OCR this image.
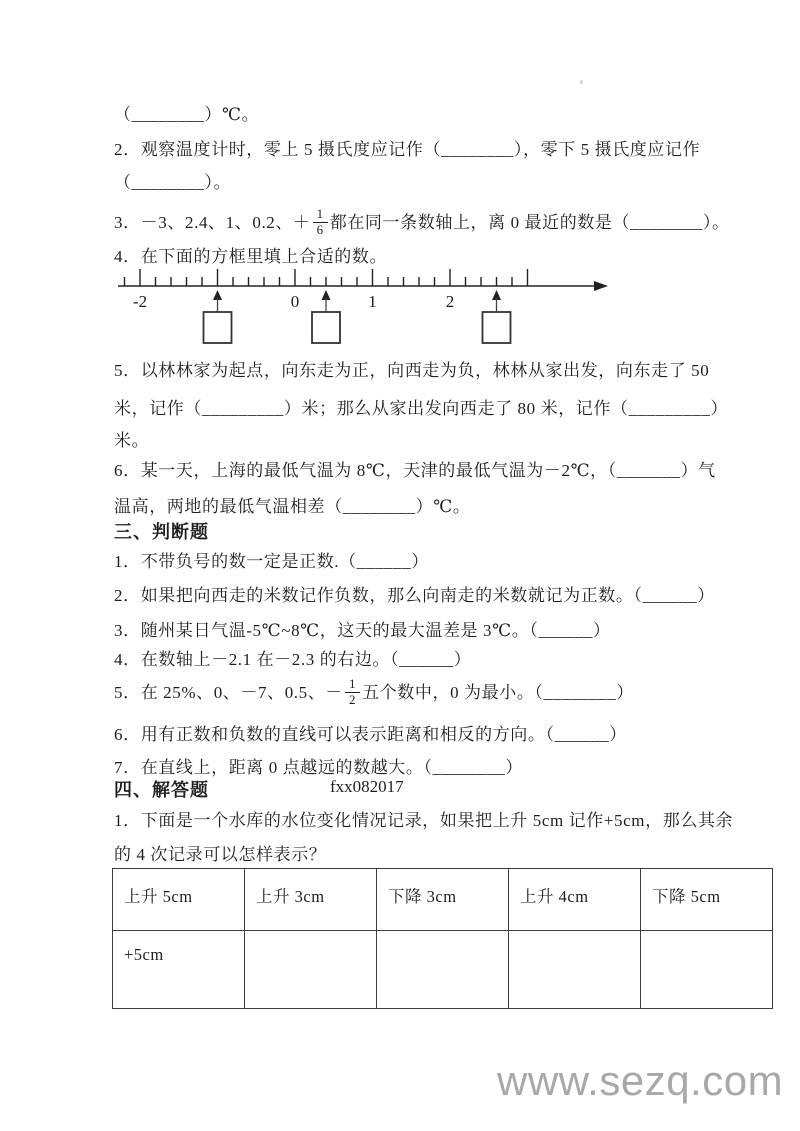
（________）℃。
2．观察温度计时，零上 5 摄氏度应记作（________），零下 5 摄氏度应记作
（________）。
3．－3、2.4、1、0.2、＋ $\frac{1}{6}$ 都在同一条数轴上，离 0 最近的数是（________）。
4．在下面的方框里填上合适的数。
-2	0	1	2
5．以林林家为起点，向东走为正，向西走为负，林林从家出发，向东走了 50
米，记作（_________）米；那么从家出发向西走了 80 米，记作（_________）
米。
6．某一天，上海的最低气温为 8℃，天津的最低气温为－2℃，（_______）气
温高，两地的最低气温相差（________）℃。
三、判断题
1．不带负号的数一定是正数.（______）
2．如果把向西走的米数记作负数，那么向南走的米数就记为正数。（______）
3．随州某日气温-5℃~8℃，这天的最大温差是 3℃。（______）
4．在数轴上－2.1 在－2.3 的右边。（______）
5．在 25%、0、－7、0.5、－ $\frac{1}{2}$ 五个数中，0 为最小。（________）
6．用有正数和负数的直线可以表示距离和相反的方向。（______）
7．在直线上，距离 0 点越远的数越大。（________）
四、解答题	fxx082017
1．下面是一个水库的水位变化情况记录，如果把上升 5cm 记作+5cm，那么其余
的 4 次记录可以怎样表示？
上升 5cm	上升 3cm	下降 3cm	上升 4cm	下降 5cm
+5cm				
www.sezq.com
